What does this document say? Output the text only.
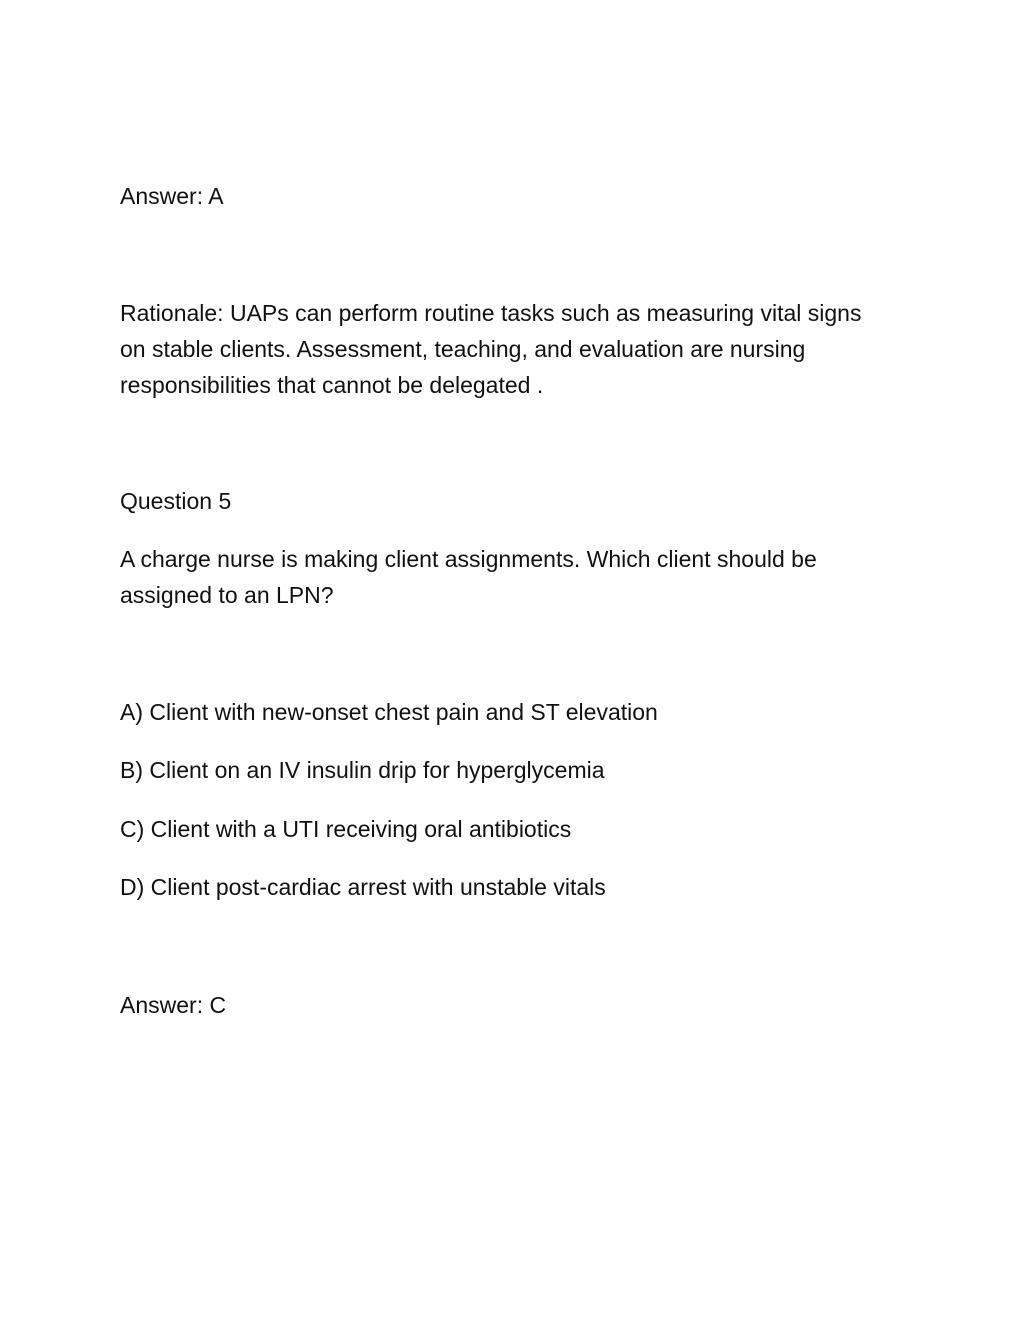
Answer: A

Rationale: UAPs can perform routine tasks such as measuring vital signs
on stable clients. Assessment, teaching, and evaluation are nursing
responsibilities that cannot be delegated .

Question 5

A charge nurse is making client assignments. Which client should be
assigned to an LPN?

A) Client with new-onset chest pain and ST elevation

B) Client on an IV insulin drip for hyperglycemia

C) Client with a UTI receiving oral antibiotics

D) Client post-cardiac arrest with unstable vitals

Answer: C
